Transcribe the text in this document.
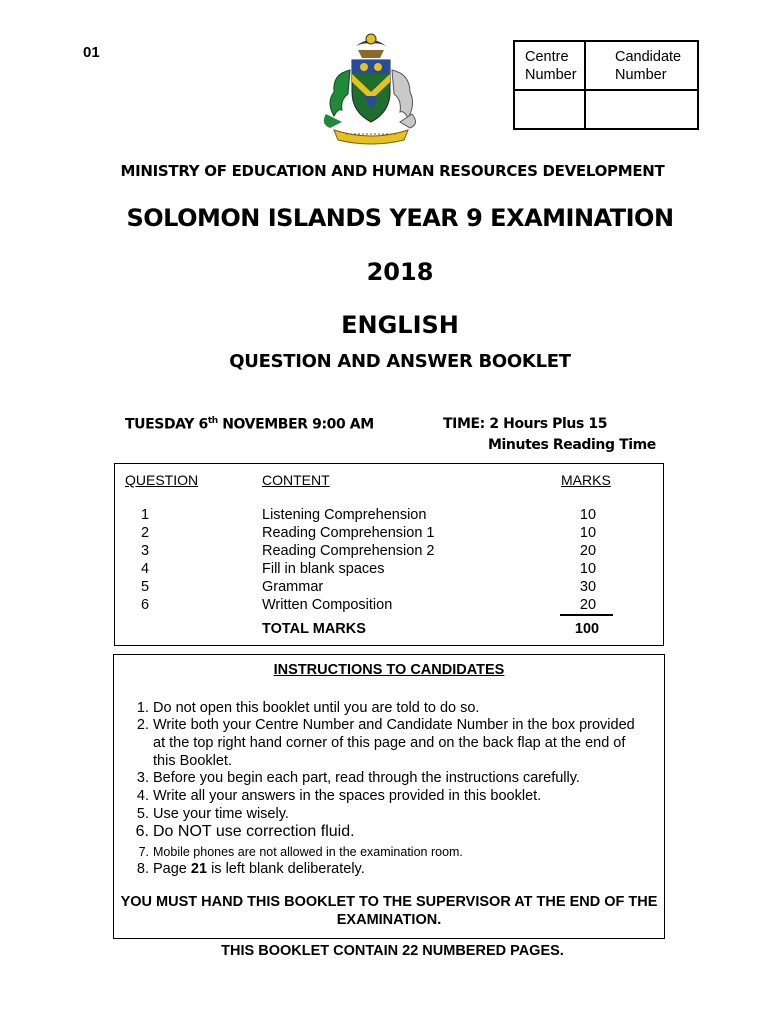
01	Centre Number
Candidate Number
MINISTRY OF EDUCATION AND HUMAN RESOURCES DEVELOPMENT
SOLOMON ISLANDS YEAR 9 EXAMINATION
2018
ENGLISH
QUESTION AND ANSWER BOOKLET
TUESDAY 6th NOVEMBER 9:00 AM	TIME: 2 Hours Plus 15
Minutes Reading Time
QUESTION	CONTENT	MARKS
1	Listening Comprehension	10
2	Reading Comprehension 1	10
3	Reading Comprehension 2	20
4	Fill in blank spaces	10
5	Grammar	30
6	Written Composition	20
TOTAL MARKS	100
INSTRUCTIONS TO CANDIDATES
1. Do not open this booklet until you are told to do so.
2. Write both your Centre Number and Candidate Number in the box provided at the top right hand corner of this page and on the back flap at the end of this Booklet.
3. Before you begin each part, read through the instructions carefully.
4. Write all your answers in the spaces provided in this booklet.
5. Use your time wisely.
6. Do NOT use correction fluid.
7. Mobile phones are not allowed in the examination room.
8. Page 21 is left blank deliberately.
YOU MUST HAND THIS BOOKLET TO THE SUPERVISOR AT THE END OF THE EXAMINATION.
THIS BOOKLET CONTAIN 22 NUMBERED PAGES.
